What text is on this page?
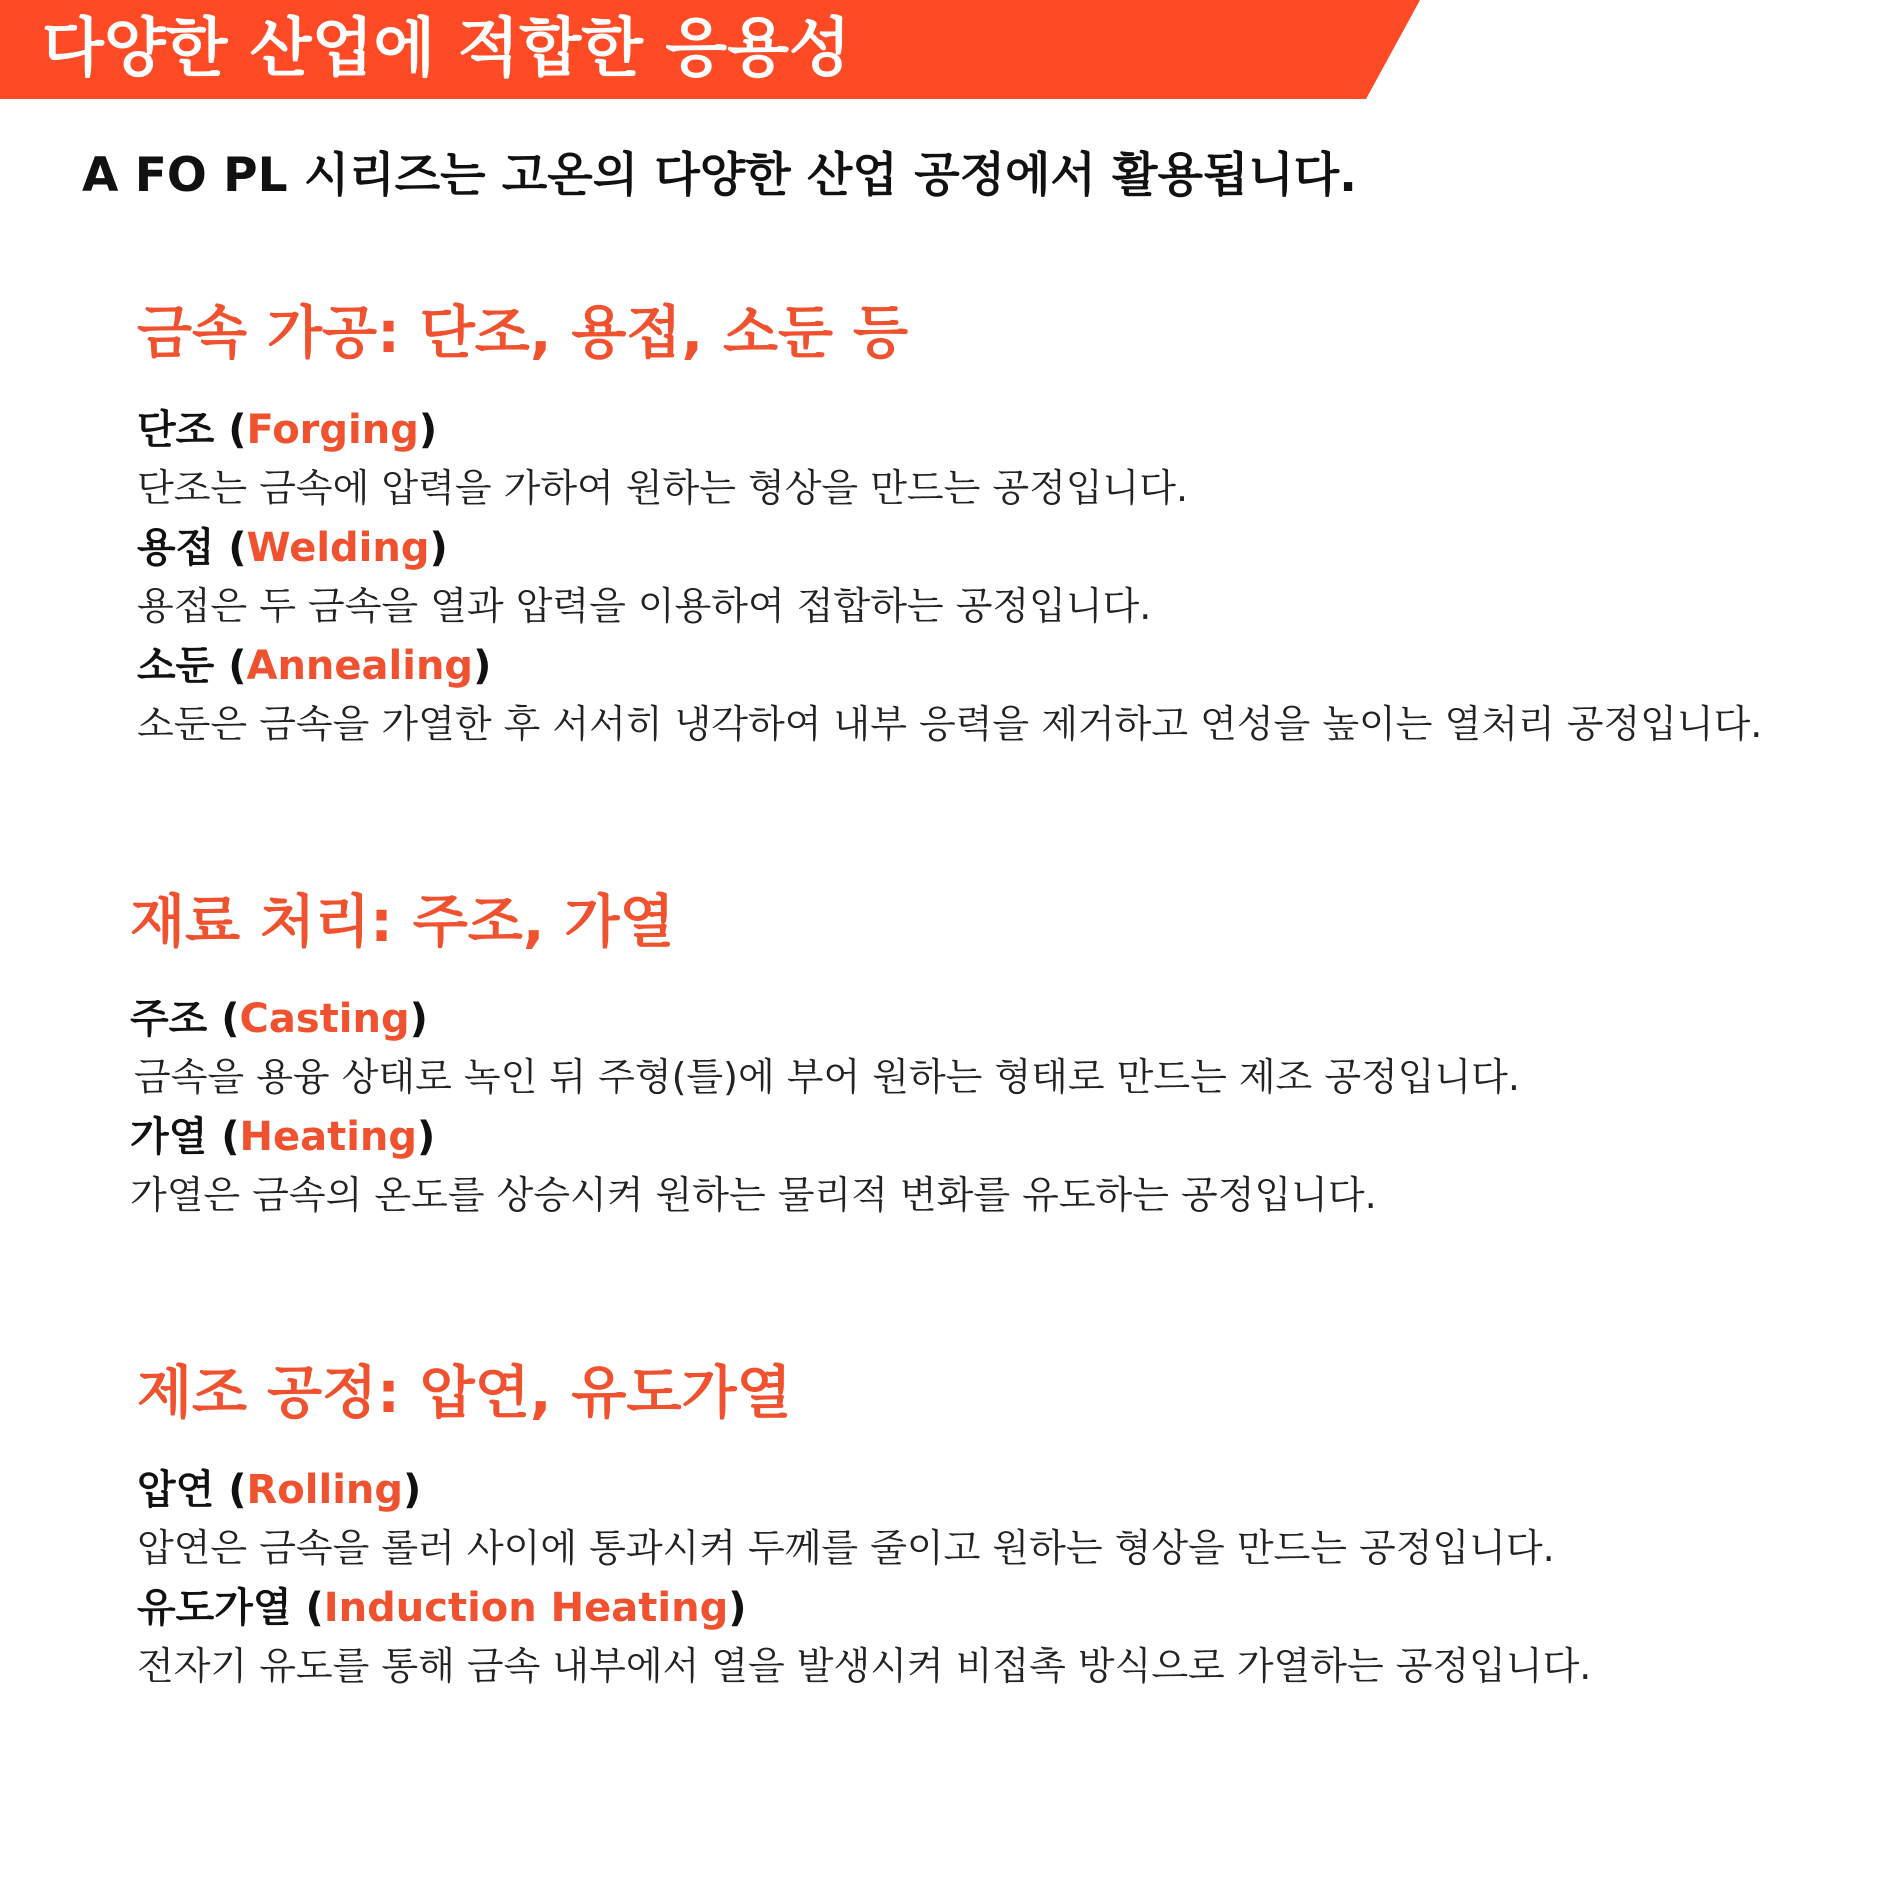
다양한 산업에 적합한 응용성
A FO PL 시리즈는 고온의 다양한 산업 공정에서 활용됩니다.
금속 가공: 단조, 용접, 소둔 등
단조 (Forging)
단조는 금속에 압력을 가하여 원하는 형상을 만드는 공정입니다.
용접 (Welding)
용접은 두 금속을 열과 압력을 이용하여 접합하는 공정입니다.
소둔 (Annealing)
소둔은 금속을 가열한 후 서서히 냉각하여 내부 응력을 제거하고 연성을 높이는 열처리 공정입니다.
재료 처리: 주조, 가열
주조 (Casting)
금속을 용융 상태로 녹인 뒤 주형(틀)에 부어 원하는 형태로 만드는 제조 공정입니다.
가열 (Heating)
가열은 금속의 온도를 상승시켜 원하는 물리적 변화를 유도하는 공정입니다.
제조 공정: 압연, 유도가열
압연 (Rolling)
압연은 금속을 롤러 사이에 통과시켜 두께를 줄이고 원하는 형상을 만드는 공정입니다.
유도가열 (Induction Heating)
전자기 유도를 통해 금속 내부에서 열을 발생시켜 비접촉 방식으로 가열하는 공정입니다.
